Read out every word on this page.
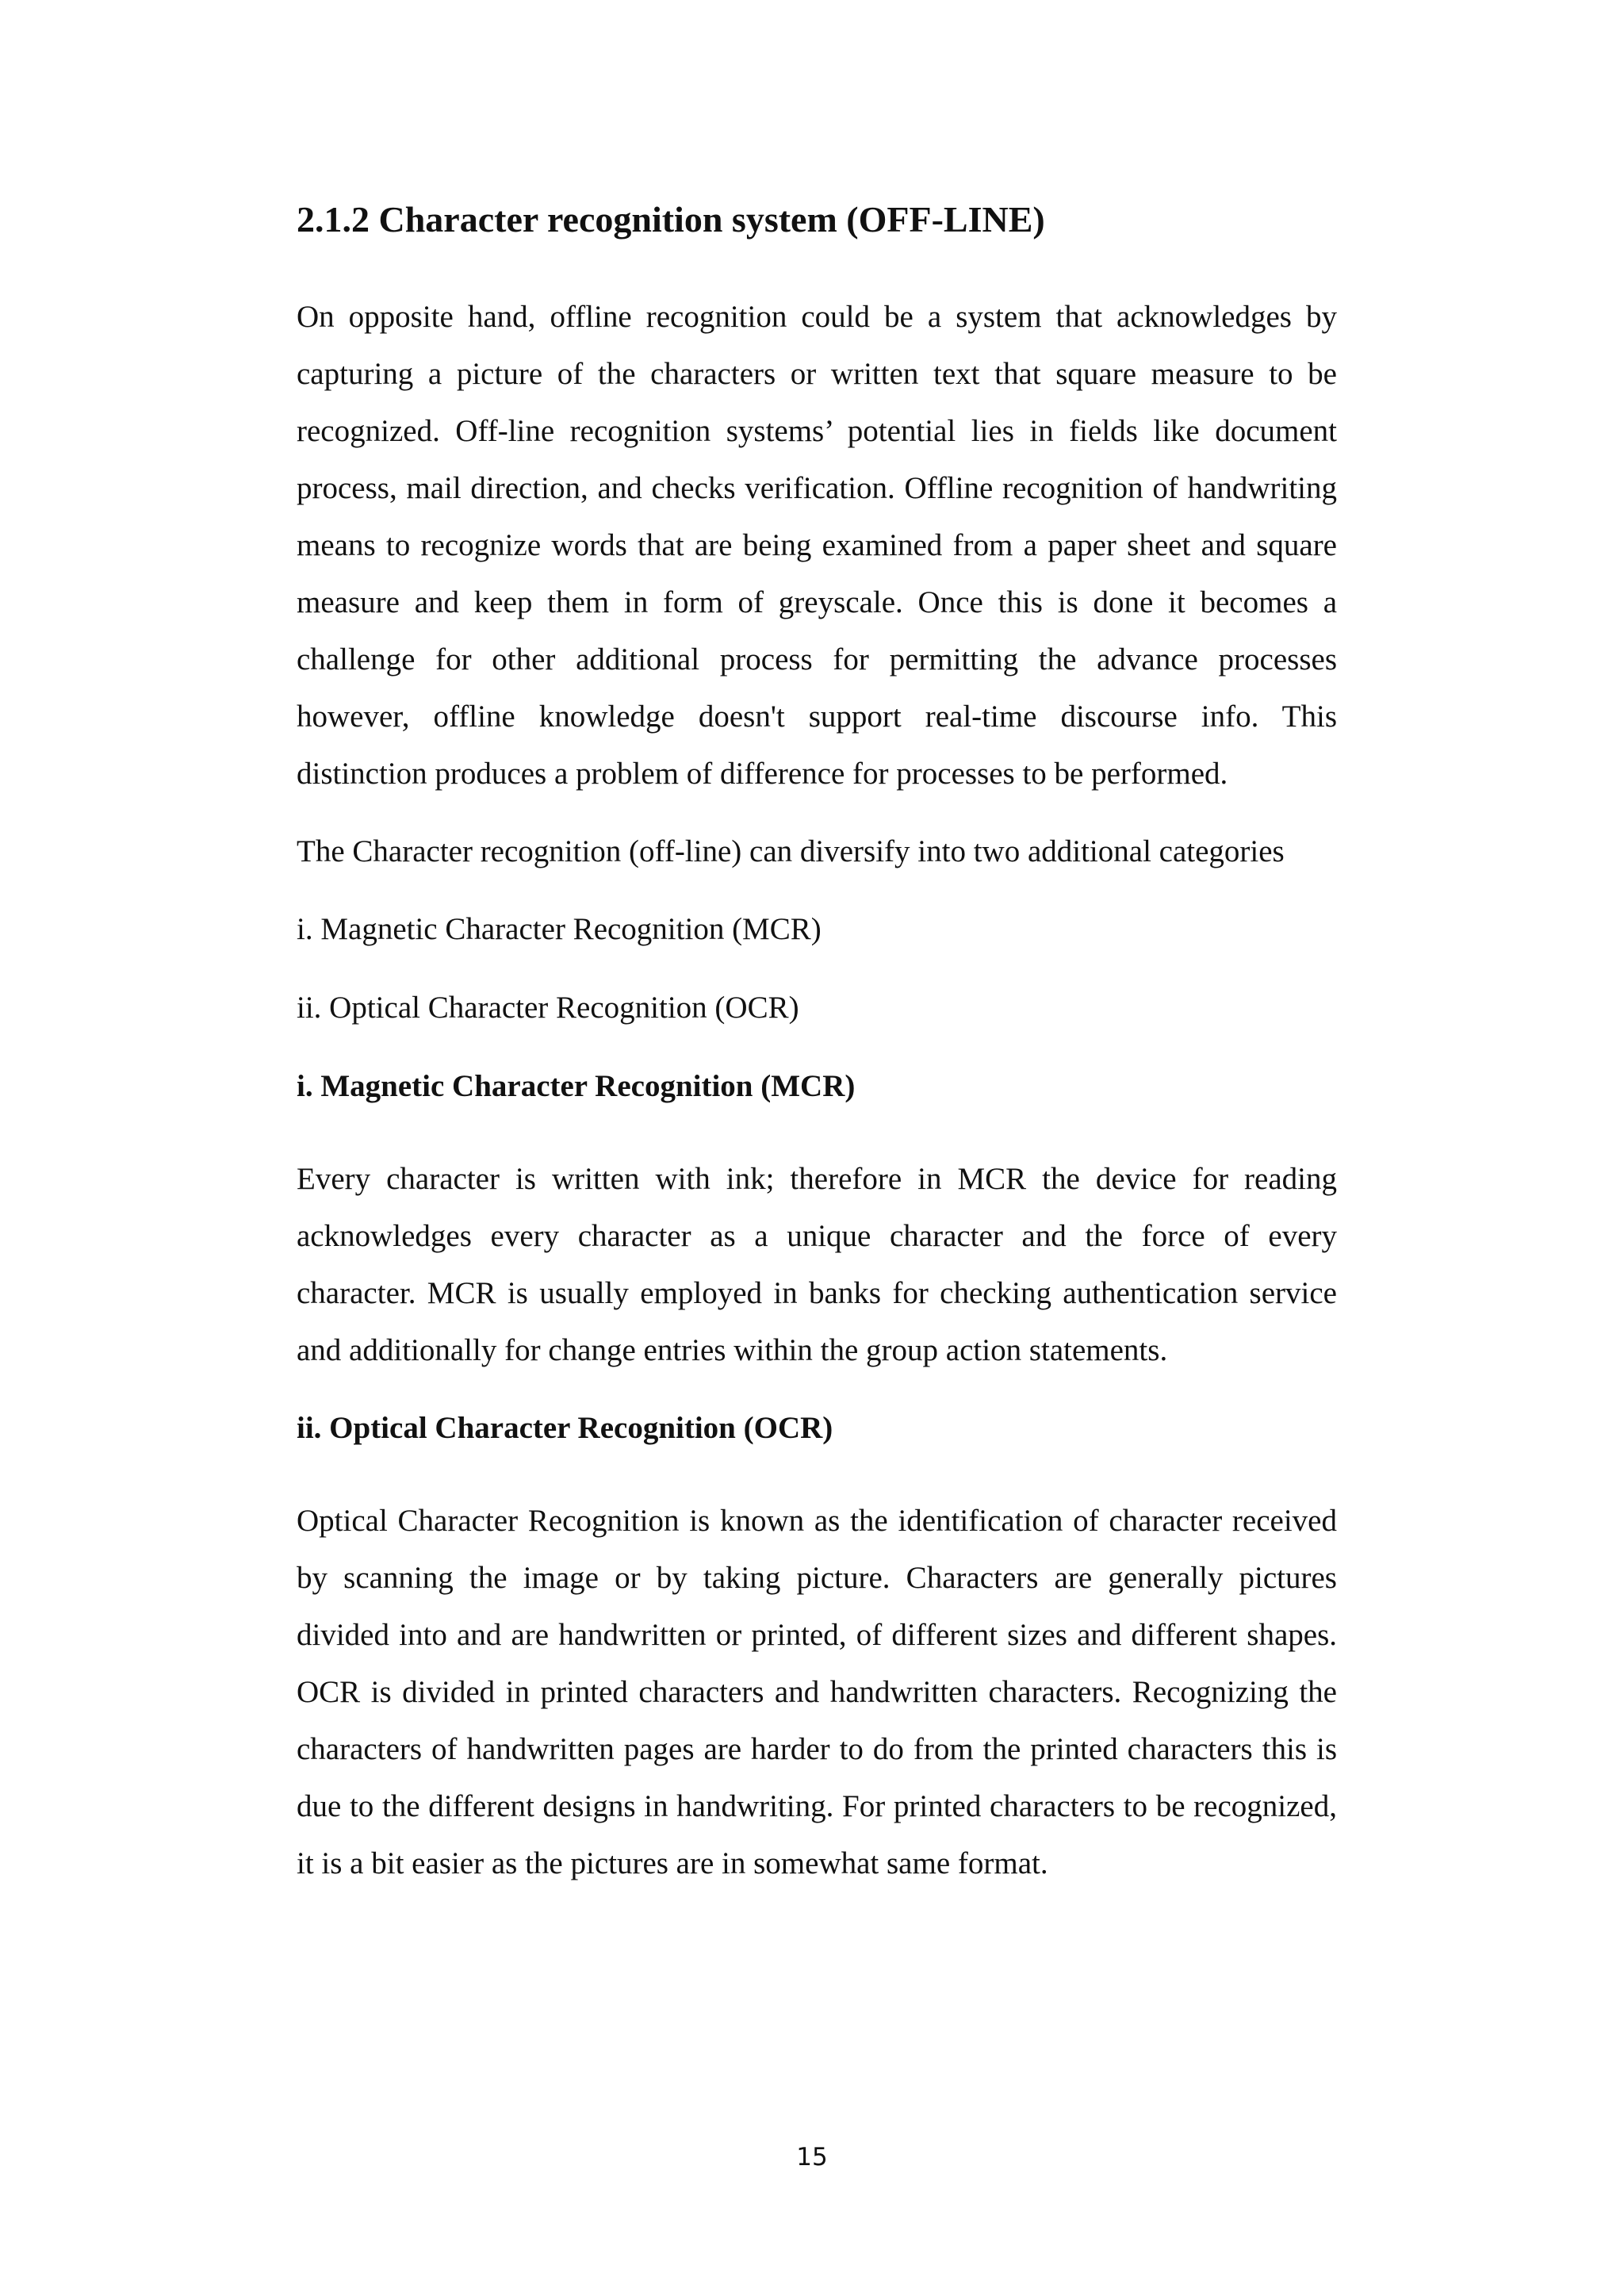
2.1.2 Character recognition system (OFF-LINE)

On opposite hand, offline recognition could be a system that acknowledges by capturing a picture of the characters or written text that square measure to be recognized. Off-line recognition systems’ potential lies in fields like document process, mail direction, and checks verification. Offline recognition of handwriting means to recognize words that are being examined from a paper sheet and square measure and keep them in form of greyscale. Once this is done it becomes a challenge for other additional process for permitting the advance processes however, offline knowledge doesn't support real-time discourse info. This distinction produces a problem of difference for processes to be performed.

The Character recognition (off-line) can diversify into two additional categories

i. Magnetic Character Recognition (MCR)
ii. Optical Character Recognition (OCR)
i. Magnetic Character Recognition (MCR)

Every character is written with ink; therefore in MCR the device for reading acknowledges every character as a unique character and the force of every character. MCR is usually employed in banks for checking authentication service and additionally for change entries within the group action statements.

ii. Optical Character Recognition (OCR)

Optical Character Recognition is known as the identification of character received by scanning the image or by taking picture. Characters are generally pictures divided into and are handwritten or printed, of different sizes and different shapes. OCR is divided in printed characters and handwritten characters. Recognizing the characters of handwritten pages are harder to do from the printed characters this is due to the different designs in handwriting. For printed characters to be recognized, it is a bit easier as the pictures are in somewhat same format.

15
